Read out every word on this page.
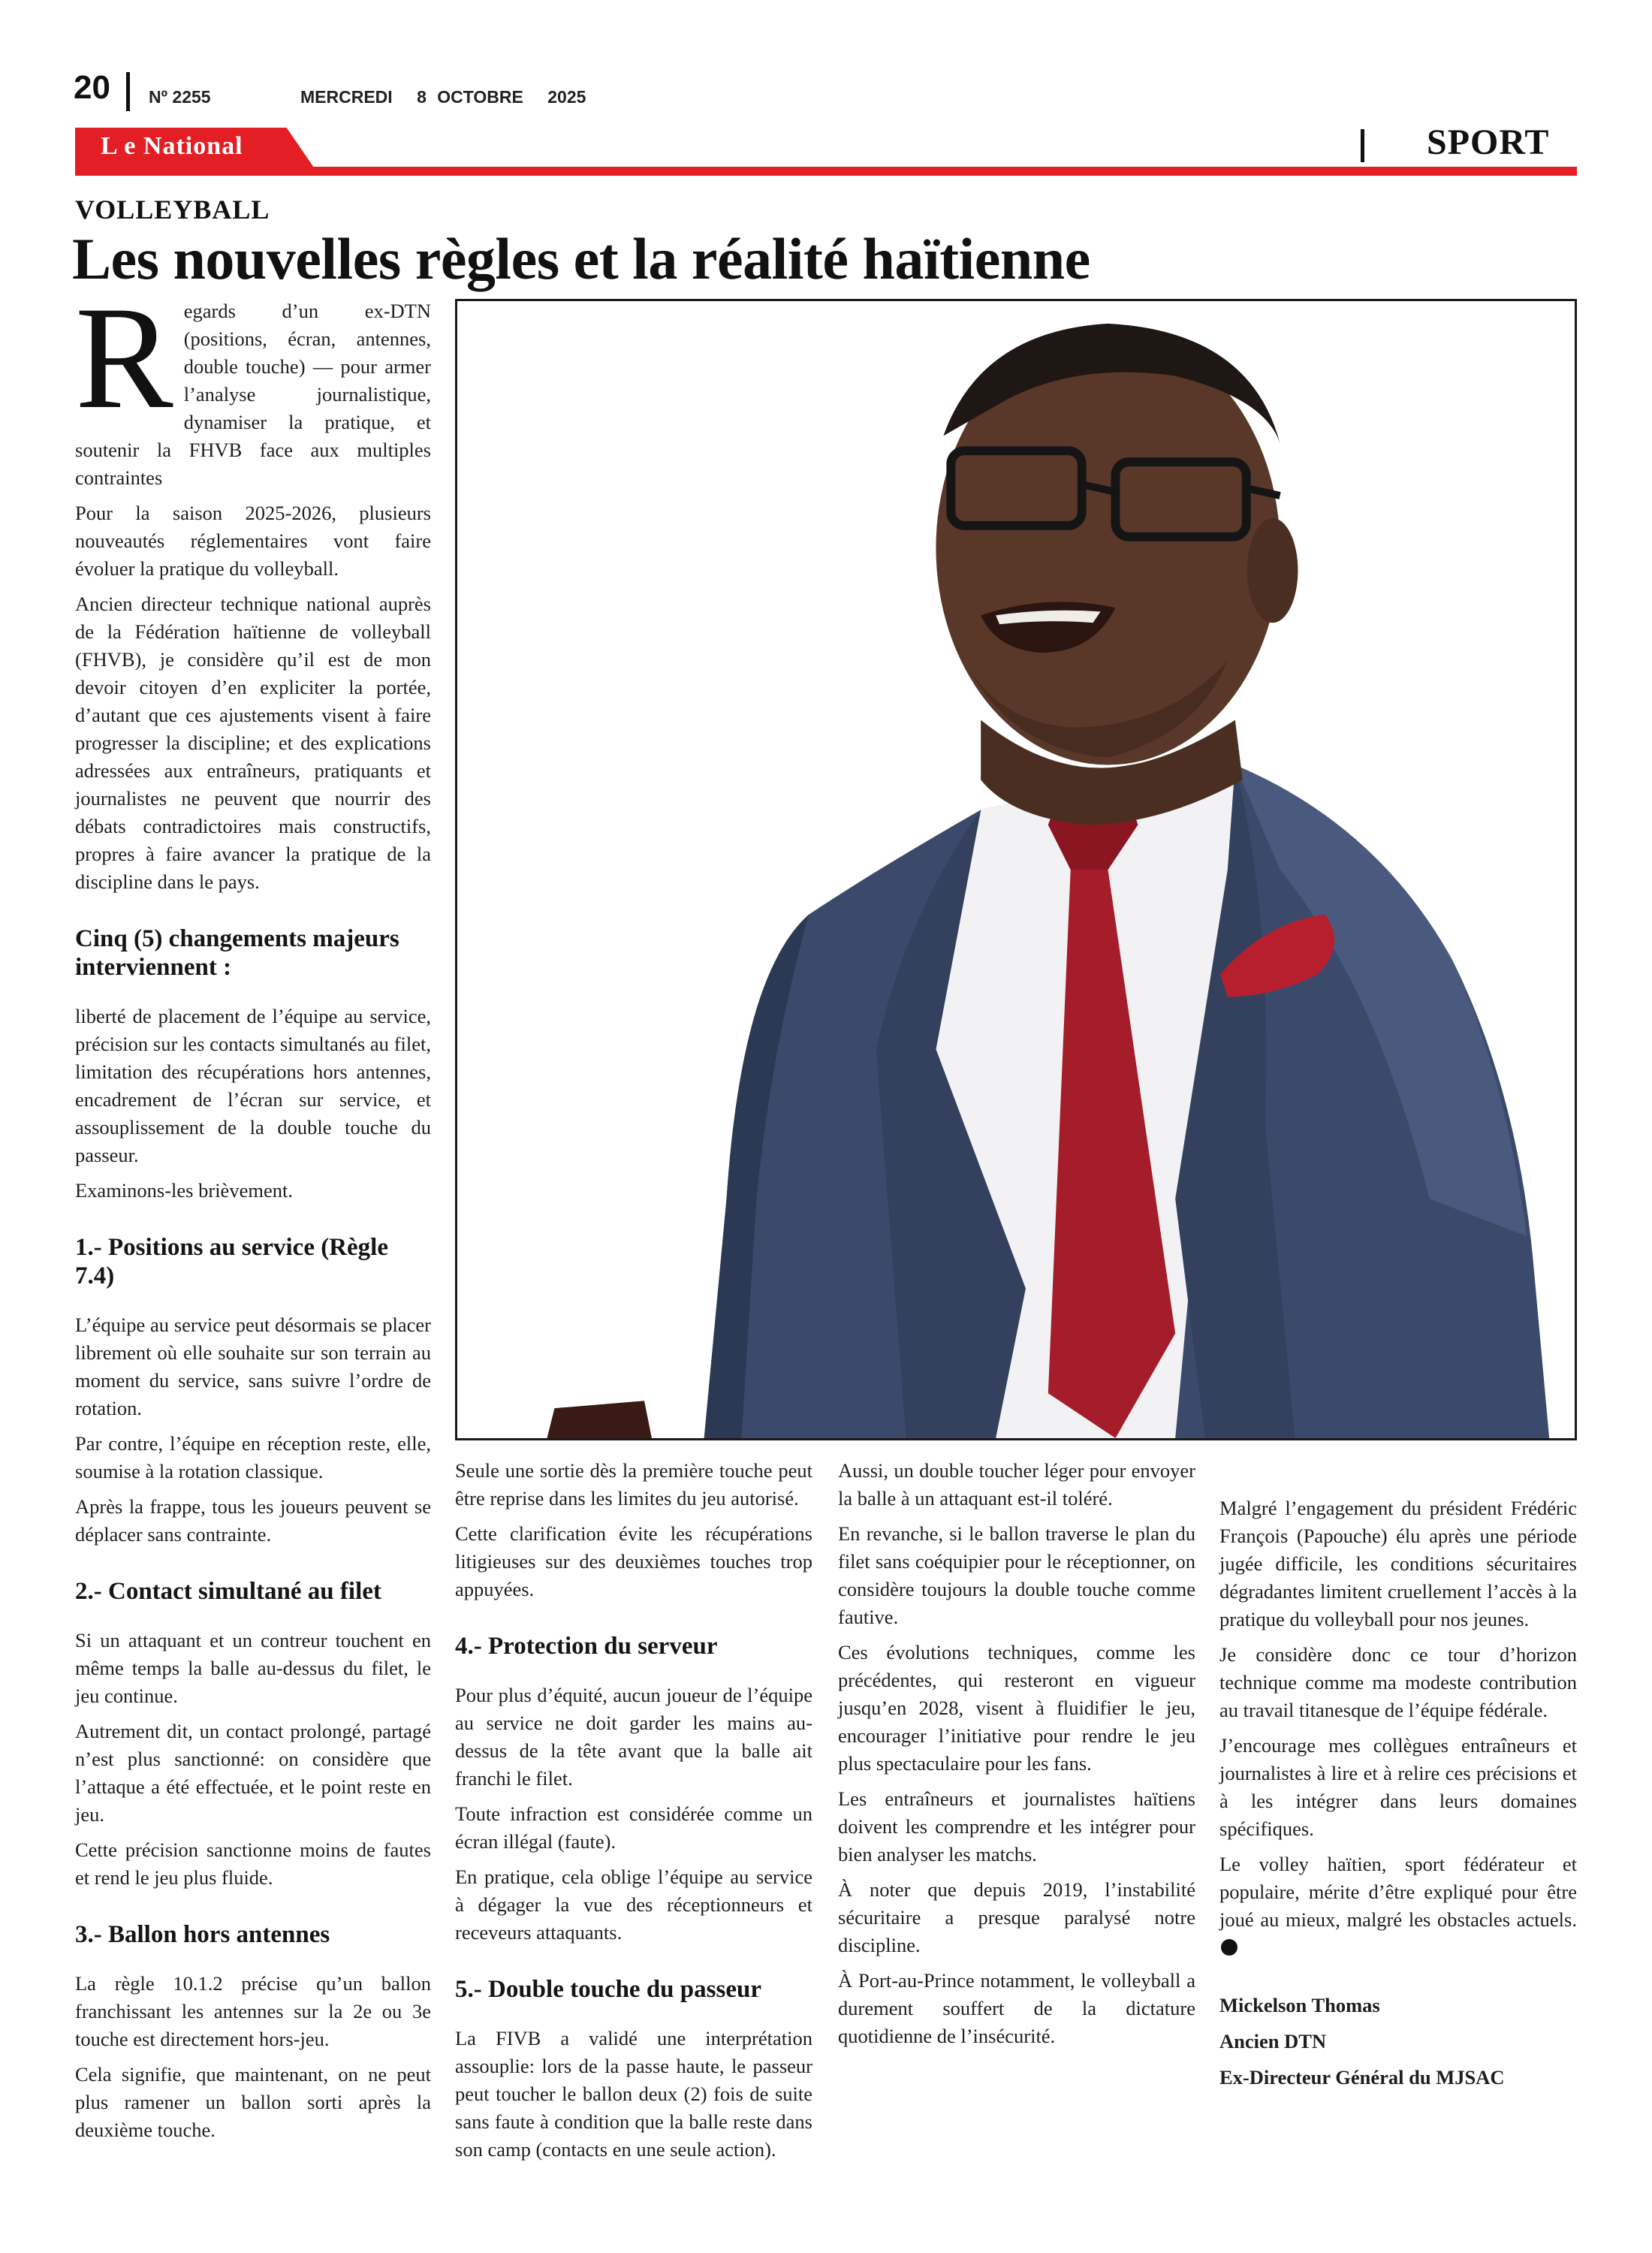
20 Nº 2255	MERCREDI 8 OCTOBRE 2025
L e National	SPORT
VOLLEYBALL
Les nouvelles règles et la réalité haïtienne

Regards d’un ex-DTN (positions, écran, antennes, double touche) — pour armer l’analyse journalistique, dynamiser la pratique, et soutenir la FHVB face aux multiples contraintes

Pour la saison 2025-2026, plusieurs nouveautés réglementaires vont faire évoluer la pratique du volleyball.

Ancien directeur technique national auprès de la Fédération haïtienne de volleyball (FHVB), je considère qu’il est de mon devoir citoyen d’en expliciter la portée, d’autant que ces ajustements visent à faire progresser la discipline; et des explications adressées aux entraîneurs, pratiquants et journalistes ne peuvent que nourrir des débats contradictoires mais constructifs, propres à faire avancer la pratique de la discipline dans le pays.

Cinq (5) changements majeurs interviennent :

liberté de placement de l’équipe au service, précision sur les contacts simultanés au filet, limitation des récupérations hors antennes, encadrement de l’écran sur service, et assouplissement de la double touche du passeur.

Examinons-les brièvement.

1.- Positions au service (Règle 7.4)

L’équipe au service peut désormais se placer librement où elle souhaite sur son terrain au moment du service, sans suivre l’ordre de rotation.

Par contre, l’équipe en réception reste, elle, soumise à la rotation classique.

Après la frappe, tous les joueurs peuvent se déplacer sans contrainte.

2.- Contact simultané au filet

Si un attaquant et un contreur touchent en même temps la balle au-dessus du filet, le jeu continue.

Autrement dit, un contact prolongé, partagé n’est plus sanctionné: on considère que l’attaque a été effectuée, et le point reste en jeu.

Cette précision sanctionne moins de fautes et rend le jeu plus fluide.

3.- Ballon hors antennes

La règle 10.1.2 précise qu’un ballon franchissant les antennes sur la 2e ou 3e touche est directement hors-jeu.

Cela signifie, que maintenant, on ne peut plus ramener un ballon sorti après la deuxième touche.

Seule une sortie dès la première touche peut être reprise dans les limites du jeu autorisé.

Cette clarification évite les récupérations litigieuses sur des deuxièmes touches trop appuyées.

4.- Protection du serveur

Pour plus d’équité, aucun joueur de l’équipe au service ne doit garder les mains au-dessus de la tête avant que la balle ait franchi le filet.

Toute infraction est considérée comme un écran illégal (faute).

En pratique, cela oblige l’équipe au service à dégager la vue des réceptionneurs et receveurs attaquants.

5.- Double touche du passeur

La FIVB a validé une interprétation assouplie: lors de la passe haute, le passeur peut toucher le ballon deux (2) fois de suite sans faute à condition que la balle reste dans son camp (contacts en une seule action).

Aussi, un double toucher léger pour envoyer la balle à un attaquant est-il toléré.

En revanche, si le ballon traverse le plan du filet sans coéquipier pour le réceptionner, on considère toujours la double touche comme fautive.

Ces évolutions techniques, comme les précédentes, qui resteront en vigueur jusqu’en 2028, visent à fluidifier le jeu, encourager l’initiative pour rendre le jeu plus spectaculaire pour les fans.

Les entraîneurs et journalistes haïtiens doivent les comprendre et les intégrer pour bien analyser les matchs.

À noter que depuis 2019, l’instabilité sécuritaire a presque paralysé notre discipline.

À Port-au-Prince notamment, le volleyball a durement souffert de la dictature quotidienne de l’insécurité.

Malgré l’engagement du président Frédéric François (Papouche) élu après une période jugée difficile, les conditions sécuritaires dégradantes limitent cruellement l’accès à la pratique du volleyball pour nos jeunes.

Je considère donc ce tour d’horizon technique comme ma modeste contribution au travail titanesque de l’équipe fédérale.

J’encourage mes collègues entraîneurs et journalistes à lire et à relire ces précisions et à les intégrer dans leurs domaines spécifiques.

Le volley haïtien, sport fédérateur et populaire, mérite d’être expliqué pour être joué au mieux, malgré les obstacles actuels.

Mickelson Thomas
Ancien DTN
Ex-Directeur Général du MJSAC
